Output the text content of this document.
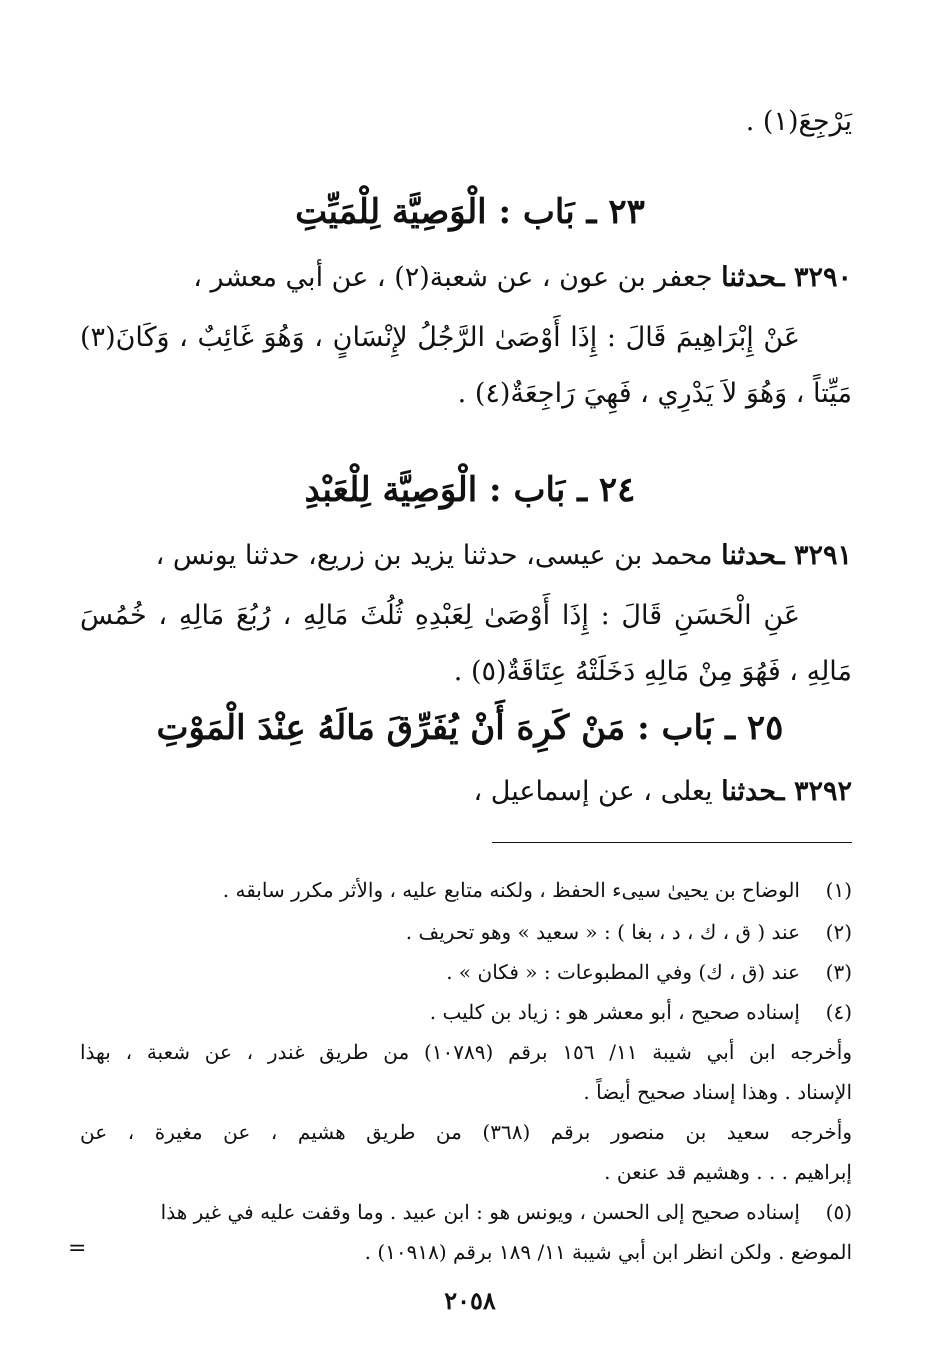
يَرْجِعَ(١) .
٢٣ ـ بَاب : الْوَصِيَّة لِلْمَيِّتِ
٣٢٩٠ ـحدثنا جعفر بن عون ، عن شعبة(٢) ، عن أبي معشر ،
عَنْ إِبْرَاهِيمَ قَالَ : إِذَا أَوْصَىٰ الرَّجُلُ لإِنْسَانٍ ، وَهُوَ غَائِبٌ ، وَكَانَ(٣)
مَيِّتاً ، وَهُوَ لاَ يَدْرِي ، فَهِيَ رَاجِعَةٌ(٤) .
٢٤ ـ بَاب : الْوَصِيَّة لِلْعَبْدِ
٣٢٩١ ـحدثنا محمد بن عيسى، حدثنا يزيد بن زريع، حدثنا يونس ،
عَنِ الْحَسَنِ قَالَ : إِذَا أَوْصَىٰ لِعَبْدِهِ ثُلُثَ مَالِهِ ، رُبُعَ مَالِهِ ، خُمُسَ
مَالِهِ ، فَهُوَ مِنْ مَالِهِ دَخَلَتْهُ عِتَاقَةٌ(٥) .
٢٥ ـ بَاب : مَنْ كَرِهَ أَنْ يُفَرِّقَ مَالَهُ عِنْدَ الْمَوْتِ
٣٢٩٢ ـحدثنا يعلى ، عن إسماعيل ،
(١)الوضاح بن يحيىٰ سيىء الحفظ ، ولكنه متابع عليه ، والأثر مكرر سابقه .
(٢)عند ( ق ، ك ، د ، بغا ) : « سعيد » وهو تحريف .
(٣)عند (ق ، ك) وفي المطبوعات : « فكان » .
(٤)إسناده صحيح ، أبو معشر هو : زياد بن كليب .
وأخرجه ابن أبي شيبة ١١/ ١٥٦ برقم (١٠٧٨٩) من طريق غندر ، عن شعبة ، بهذا
الإسناد . وهذا إسناد صحيح أيضاً .
وأخرجه سعيد بن منصور برقم (٣٦٨) من طريق هشيم ، عن مغيرة ، عن
إبراهيم . . . وهشيم قد عنعن .
(٥)إسناده صحيح إلى الحسن ، ويونس هو : ابن عبيد . وما وقفت عليه في غير هذا
الموضع . ولكن انظر ابن أبي شيبة ١١/ ١٨٩ برقم (١٠٩١٨) .
=
٢٠٥٨
